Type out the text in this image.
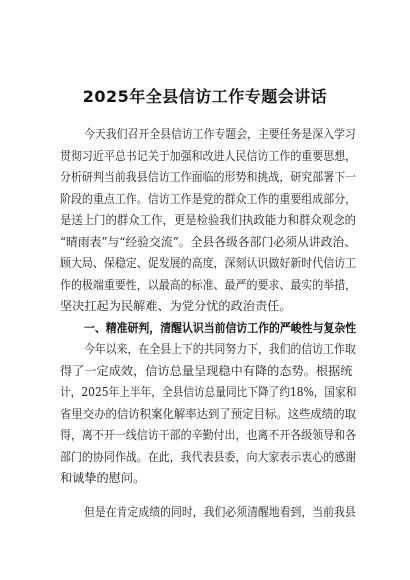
2025年全县信访工作专题会讲话
今天我们召开全县信访工作专题会，主要任务是深入学习
贯彻习近平总书记关于加强和改进人民信访工作的重要思想，
分析研判当前我县信访工作面临的形势和挑战，研究部署下一
阶段的重点工作。信访工作是党的群众工作的重要组成部分，
是送上门的群众工作，更是检验我们执政能力和群众观念的
“晴雨表”与“经验交流”。全县各级各部门必须从讲政治、
顾大局、保稳定、促发展的高度，深刻认识做好新时代信访工
作的极端重要性，以最高的标准、最严的要求、最实的举措，
坚决扛起为民解难、为党分忧的政治责任。
一、精准研判，清醒认识当前信访工作的严峻性与复杂性
今年以来，在全县上下的共同努力下，我们的信访工作取
得了一定成效，信访总量呈现稳中有降的态势。根据统
计，2025年上半年，全县信访总量同比下降了约18%，国家和
省里交办的信访积案化解率达到了预定目标。这些成绩的取
得，离不开一线信访干部的辛勤付出，也离不开各级领导和各
部门的协同作战。在此，我代表县委，向大家表示衷心的感谢
和诚挚的慰问。
但是在肯定成绩的同时，我们必须清醒地看到，当前我县
